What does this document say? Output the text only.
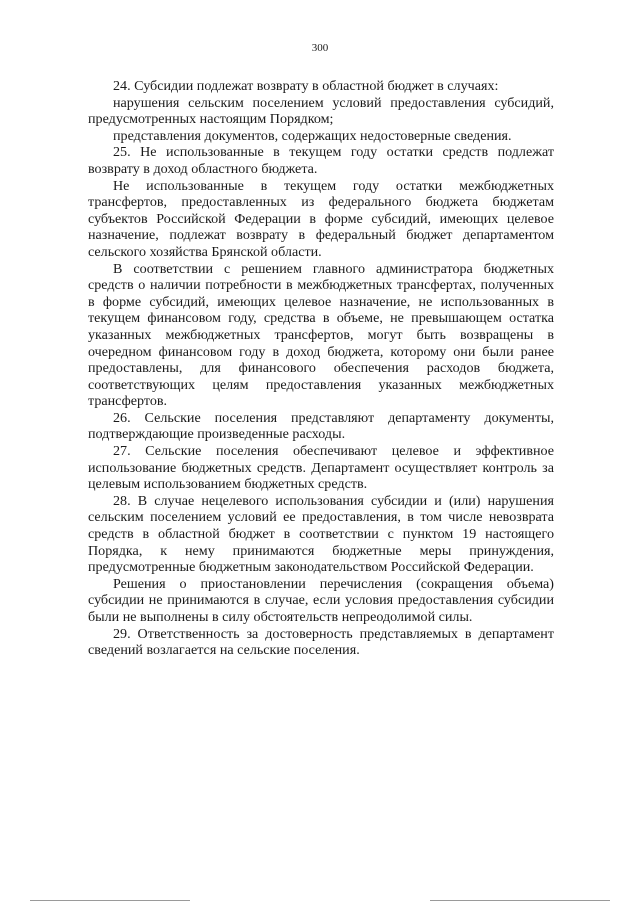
300

24. Субсидии подлежат возврату в областной бюджет в случаях:

нарушения сельским поселением условий предоставления субсидий, предусмотренных настоящим Порядком;

представления документов, содержащих недостоверные сведения.

25. Не использованные в текущем году остатки средств подлежат возврату в доход областного бюджета.

Не использованные в текущем году остатки межбюджетных трансфертов, предоставленных из федерального бюджета бюджетам субъектов Российской Федерации в форме субсидий, имеющих целевое назначение, подлежат возврату в федеральный бюджет департаментом сельского хозяйства Брянской области.

В соответствии с решением главного администратора бюджетных средств о наличии потребности в межбюджетных трансфертах, полученных в форме субсидий, имеющих целевое назначение, не использованных в текущем финансовом году, средства в объеме, не превышающем остатка указанных межбюджетных трансфертов, могут быть возвращены в очередном финансовом году в доход бюджета, которому они были ранее предоставлены, для финансового обеспечения расходов бюджета, соответствующих целям предоставления указанных межбюджетных трансфертов.

26. Сельские поселения представляют департаменту документы, подтверждающие произведенные расходы.

27. Сельские поселения обеспечивают целевое и эффективное использование бюджетных средств. Департамент осуществляет контроль за целевым использованием бюджетных средств.

28. В случае нецелевого использования субсидии и (или) нарушения сельским поселением условий ее предоставления, в том числе невозврата средств в областной бюджет в соответствии с пунктом 19 настоящего Порядка, к нему принимаются бюджетные меры принуждения, предусмотренные бюджетным законодательством Российской Федерации.

Решения о приостановлении перечисления (сокращения объема) субсидии не принимаются в случае, если условия предоставления субсидии были не выполнены в силу обстоятельств непреодолимой силы.

29. Ответственность за достоверность представляемых в департамент сведений возлагается на сельские поселения.
